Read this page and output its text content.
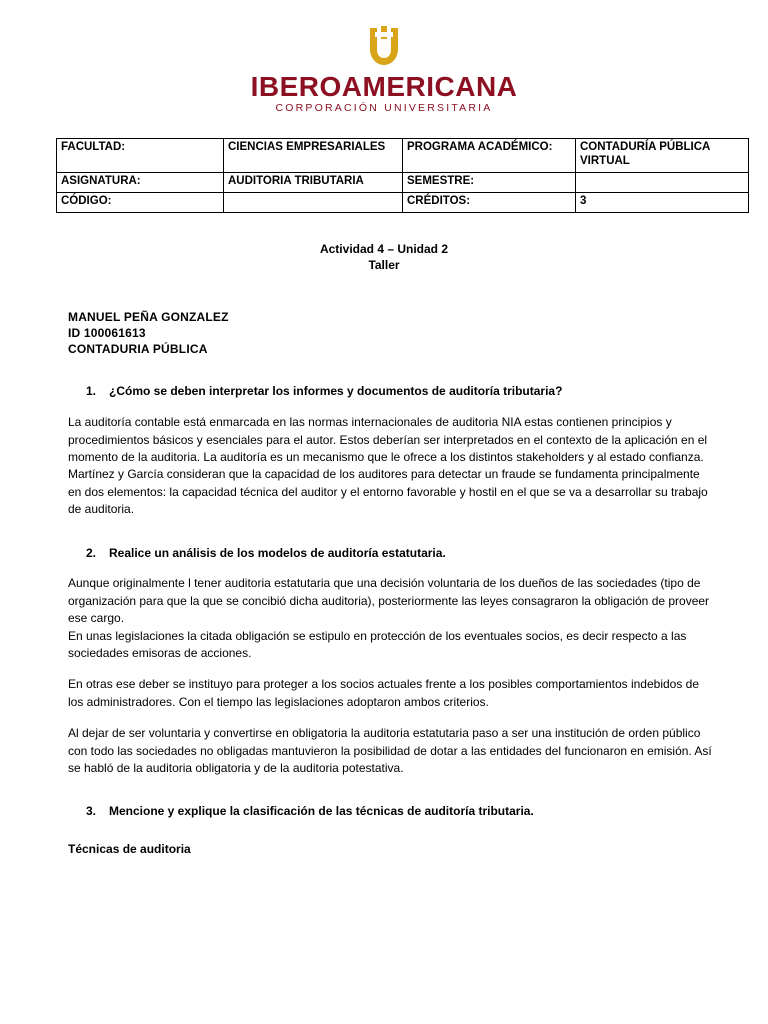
IBEROAMERICANA
CORPORACIÓN UNIVERSITARIA
FACULTAD:	CIENCIAS EMPRESARIALES	PROGRAMA ACADÉMICO:	CONTADURÍA PÚBLICA VIRTUAL
ASIGNATURA:	AUDITORIA TRIBUTARIA	SEMESTRE:	
CÓDIGO:		CRÉDITOS:	3
Actividad 4 – Unidad 2
Taller
MANUEL PEÑA GONZALEZ
ID 100061613
CONTADURIA PÚBLICA
1.	¿Cómo se deben interpretar los informes y documentos de auditoría tributaria?

La auditoría contable está enmarcada en las normas internacionales de auditoria NIA estas contienen principios y procedimientos básicos y esenciales para el autor. Estos deberían ser interpretados en el contexto de la aplicación en el momento de la auditoria. La auditoría es un mecanismo que le ofrece a los distintos stakeholders y al estado confianza. Martínez y García consideran que la capacidad de los auditores para detectar un fraude se fundamenta principalmente en dos elementos: la capacidad técnica del auditor y el entorno favorable y hostil en el que se va a desarrollar su trabajo de auditoria.

2.	Realice un análisis de los modelos de auditoría estatutaria.

Aunque originalmente l tener auditoria estatutaria que una decisión voluntaria de los dueños de las sociedades (tipo de organización para que la que se concibió dicha auditoria), posteriormente las leyes consagraron la obligación de proveer ese cargo.

En unas legislaciones la citada obligación se estipulo en protección de los eventuales socios, es decir respecto a las sociedades emisoras de acciones.

En otras ese deber se instituyo para proteger a los socios actuales frente a los posibles comportamientos indebidos de los administradores. Con el tiempo las legislaciones adoptaron ambos criterios.

Al dejar de ser voluntaria y convertirse en obligatoria la auditoria estatutaria paso a ser una institución de orden público con todo las sociedades no obligadas mantuvieron la posibilidad de dotar a las entidades del funcionaron en emisión. Así se habló de la auditoria obligatoria y de la auditoria potestativa.

3.	Mencione y explique la clasificación de las técnicas de auditoría tributaria.
Técnicas de auditoria
